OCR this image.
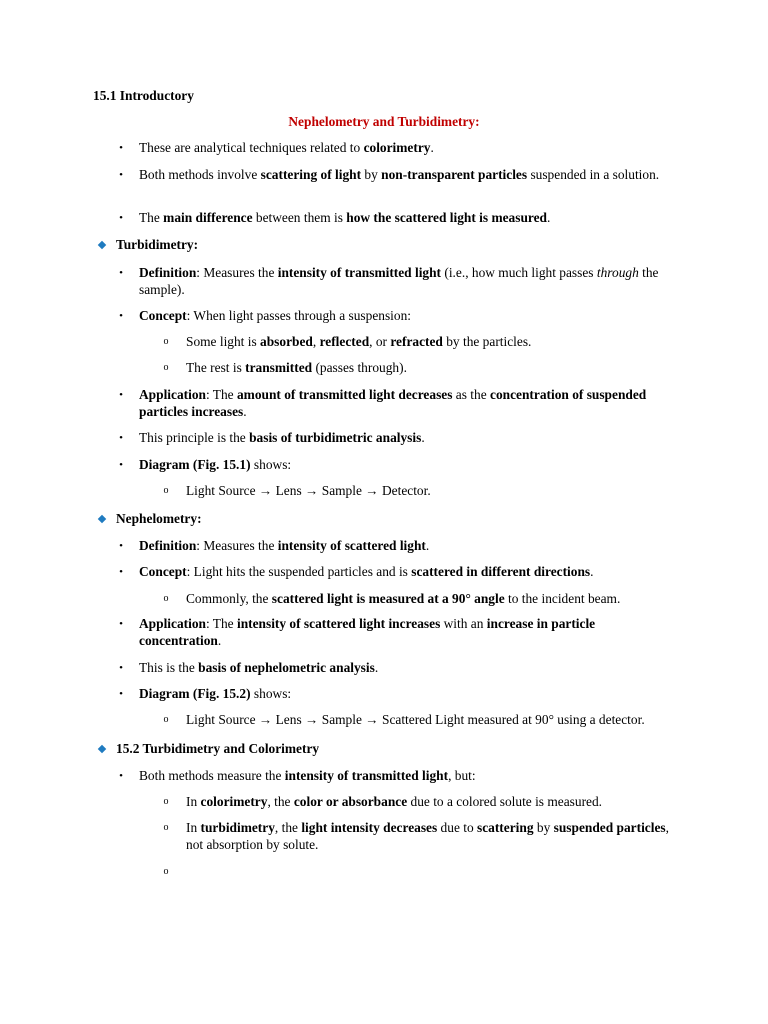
15.1 Introductory
Nephelometry and Turbidimetry:
• These are analytical techniques related to colorimetry.
• Both methods involve scattering of light by non-transparent particles suspended in a solution.
• The main difference between them is how the scattered light is measured.
Turbidimetry:
• Definition: Measures the intensity of transmitted light (i.e., how much light passes through the sample).
• Concept: When light passes through a suspension:
o Some light is absorbed, reflected, or refracted by the particles.
o The rest is transmitted (passes through).
• Application: The amount of transmitted light decreases as the concentration of suspended particles increases.
• This principle is the basis of turbidimetric analysis.
• Diagram (Fig. 15.1) shows:
o Light Source → Lens → Sample → Detector.
Nephelometry:
• Definition: Measures the intensity of scattered light.
• Concept: Light hits the suspended particles and is scattered in different directions.
o Commonly, the scattered light is measured at a 90° angle to the incident beam.
• Application: The intensity of scattered light increases with an increase in particle concentration.
• This is the basis of nephelometric analysis.
• Diagram (Fig. 15.2) shows:
o Light Source → Lens → Sample → Scattered Light measured at 90° using a detector.
15.2 Turbidimetry and Colorimetry
• Both methods measure the intensity of transmitted light, but:
o In colorimetry, the color or absorbance due to a colored solute is measured.
o In turbidimetry, the light intensity decreases due to scattering by suspended particles, not absorption by solute.
o
